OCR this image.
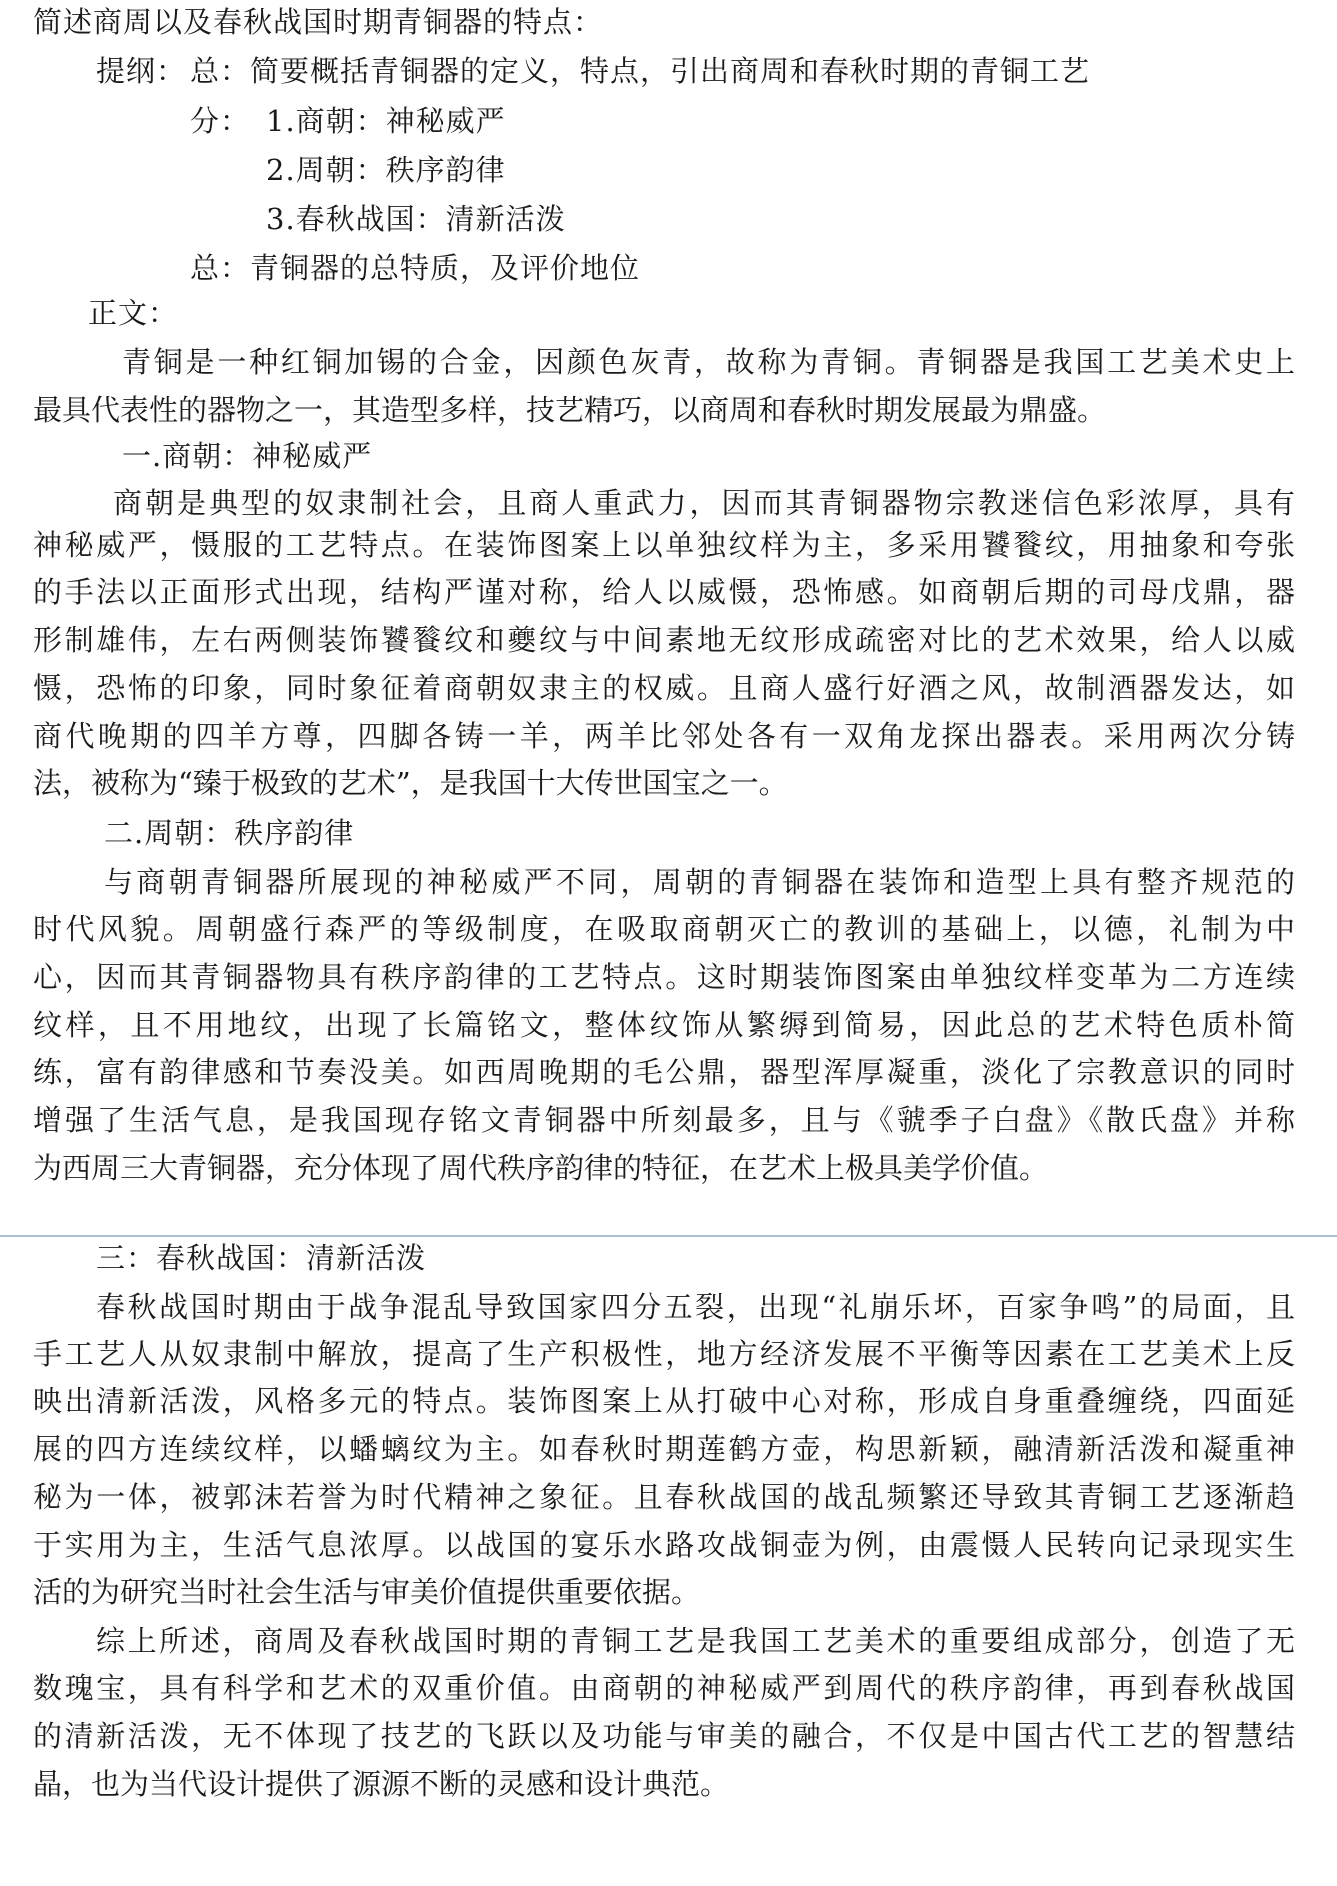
简述商周以及春秋战国时期青铜器的特点：
提纲： 总：简要概括青铜器的定义，特点，引出商周和春秋时期的青铜工艺
分： 1.商朝：神秘威严
2.周朝：秩序韵律
3.春秋战国：清新活泼
总：青铜器的总特质，及评价地位
正文：
青铜是一种红铜加锡的合金，因颜色灰青，故称为青铜。青铜器是我国工艺美术史上
最具代表性的器物之一，其造型多样，技艺精巧，以商周和春秋时期发展最为鼎盛。
一.商朝：神秘威严
商朝是典型的奴隶制社会，且商人重武力，因而其青铜器物宗教迷信色彩浓厚，具有
神秘威严，慑服的工艺特点。在装饰图案上以单独纹样为主，多采用饕餮纹，用抽象和夸张
的手法以正面形式出现，结构严谨对称，给人以威慑，恐怖感。如商朝后期的司母戊鼎，器
形制雄伟，左右两侧装饰饕餮纹和夔纹与中间素地无纹形成疏密对比的艺术效果，给人以威
慑，恐怖的印象，同时象征着商朝奴隶主的权威。且商人盛行好酒之风，故制酒器发达，如
商代晚期的四羊方尊，四脚各铸一羊，两羊比邻处各有一双角龙探出器表。采用两次分铸
法，被称为“臻于极致的艺术”，是我国十大传世国宝之一。
二.周朝：秩序韵律
与商朝青铜器所展现的神秘威严不同，周朝的青铜器在装饰和造型上具有整齐规范的
时代风貌。周朝盛行森严的等级制度，在吸取商朝灭亡的教训的基础上，以德，礼制为中
心，因而其青铜器物具有秩序韵律的工艺特点。这时期装饰图案由单独纹样变革为二方连续
纹样，且不用地纹，出现了长篇铭文，整体纹饰从繁缛到简易，因此总的艺术特色质朴简
练，富有韵律感和节奏没美。如西周晚期的毛公鼎，器型浑厚凝重，淡化了宗教意识的同时
增强了生活气息，是我国现存铭文青铜器中所刻最多，且与《虢季子白盘》《散氏盘》并称
为西周三大青铜器，充分体现了周代秩序韵律的特征，在艺术上极具美学价值。
三：春秋战国：清新活泼
春秋战国时期由于战争混乱导致国家四分五裂，出现“礼崩乐坏，百家争鸣”的局面，且
手工艺人从奴隶制中解放，提高了生产积极性，地方经济发展不平衡等因素在工艺美术上反
映出清新活泼，风格多元的特点。装饰图案上从打破中心对称，形成自身重叠缠绕，四面延
展的四方连续纹样，以蟠螭纹为主。如春秋时期莲鹤方壶，构思新颖，融清新活泼和凝重神
秘为一体，被郭沫若誉为时代精神之象征。且春秋战国的战乱频繁还导致其青铜工艺逐渐趋
于实用为主，生活气息浓厚。以战国的宴乐水路攻战铜壶为例，由震慑人民转向记录现实生
活的为研究当时社会生活与审美价值提供重要依据。
综上所述，商周及春秋战国时期的青铜工艺是我国工艺美术的重要组成部分，创造了无
数瑰宝，具有科学和艺术的双重价值。由商朝的神秘威严到周代的秩序韵律，再到春秋战国
的清新活泼，无不体现了技艺的飞跃以及功能与审美的融合，不仅是中国古代工艺的智慧结
晶，也为当代设计提供了源源不断的灵感和设计典范。
